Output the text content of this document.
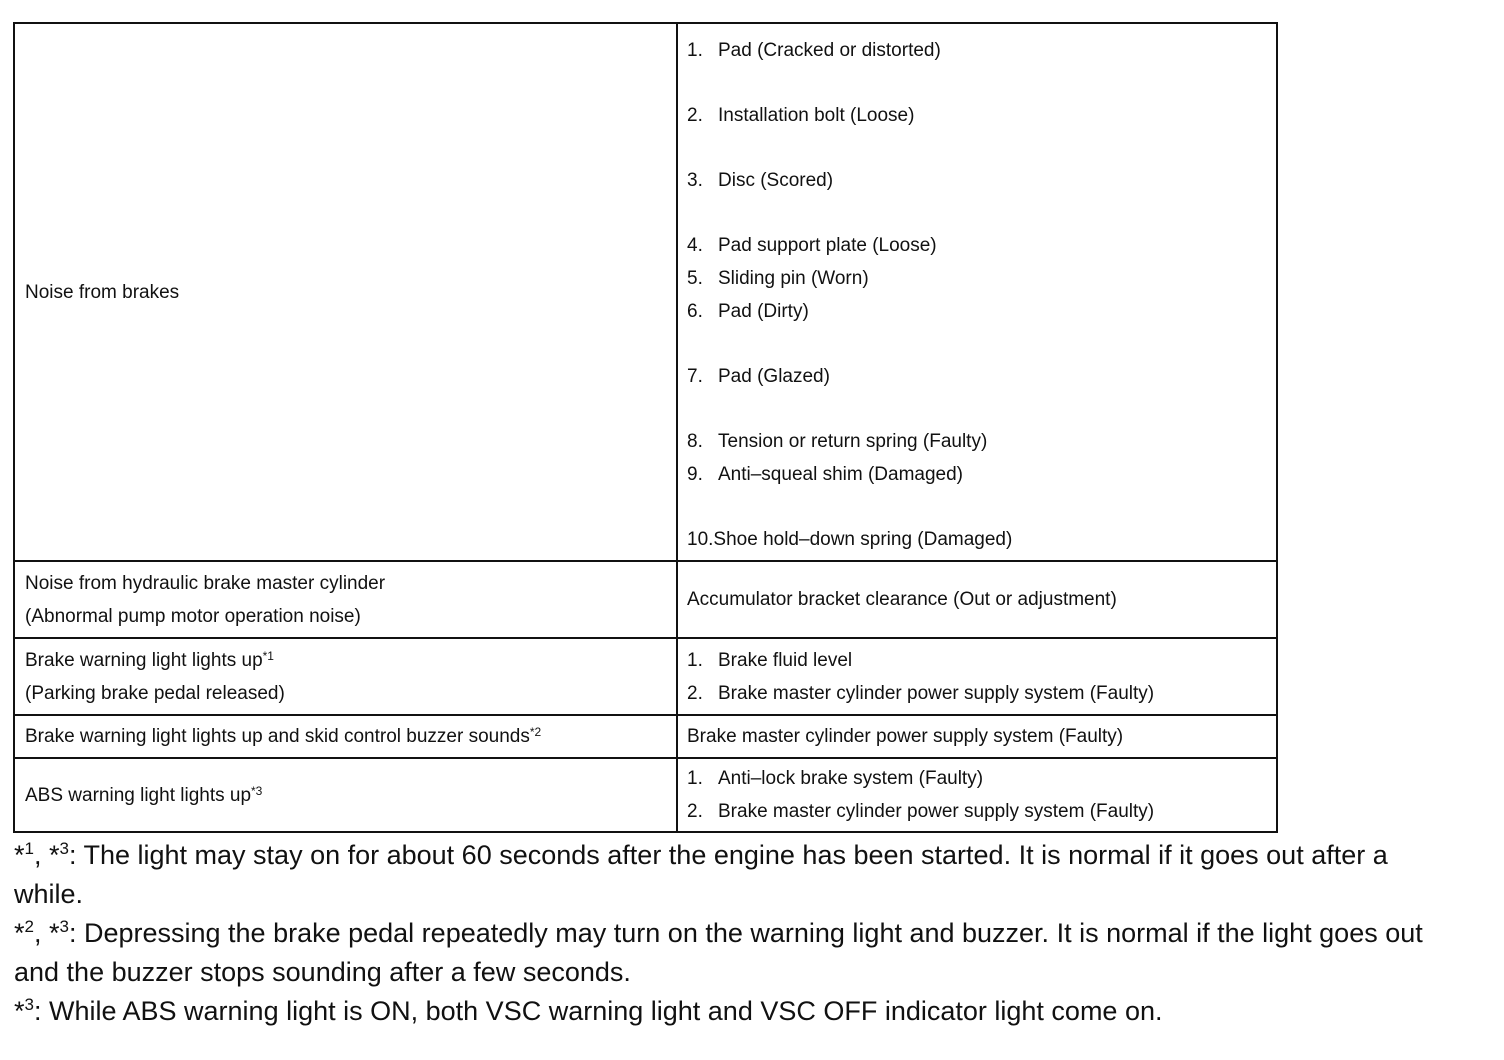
Noise from brakes
1. Pad (Cracked or distorted)
2. Installation bolt (Loose)
3. Disc (Scored)
4. Pad support plate (Loose)
5. Sliding pin (Worn)
6. Pad (Dirty)
7. Pad (Glazed)
8. Tension or return spring (Faulty)
9. Anti–squeal shim (Damaged)
10.Shoe hold–down spring (Damaged)
Noise from hydraulic brake master cylinder
(Abnormal pump motor operation noise)
Accumulator bracket clearance (Out or adjustment)
Brake warning light lights $up^{*1}$
(Parking brake pedal released)
1. Brake fluid level
2. Brake master cylinder power supply system (Faulty)
Brake warning light lights up and skid control buzzer sounds$^{*2}$	Brake master cylinder power supply system (Faulty)
ABS warning light lights $up^{*3}$
1. Anti–lock brake system (Faulty)
2. Brake master cylinder power supply system (Faulty)

*$^1$, *$^3$: The light may stay on for about 60 seconds after the engine has been started. It is normal if it goes out after a while.

*$^2$, *$^3$: Depressing the brake pedal repeatedly may turn on the warning light and buzzer. It is normal if the light goes out and the buzzer stops sounding after a few seconds.

*$^3$: While ABS warning light is ON, both VSC warning light and VSC OFF indicator light come on.
